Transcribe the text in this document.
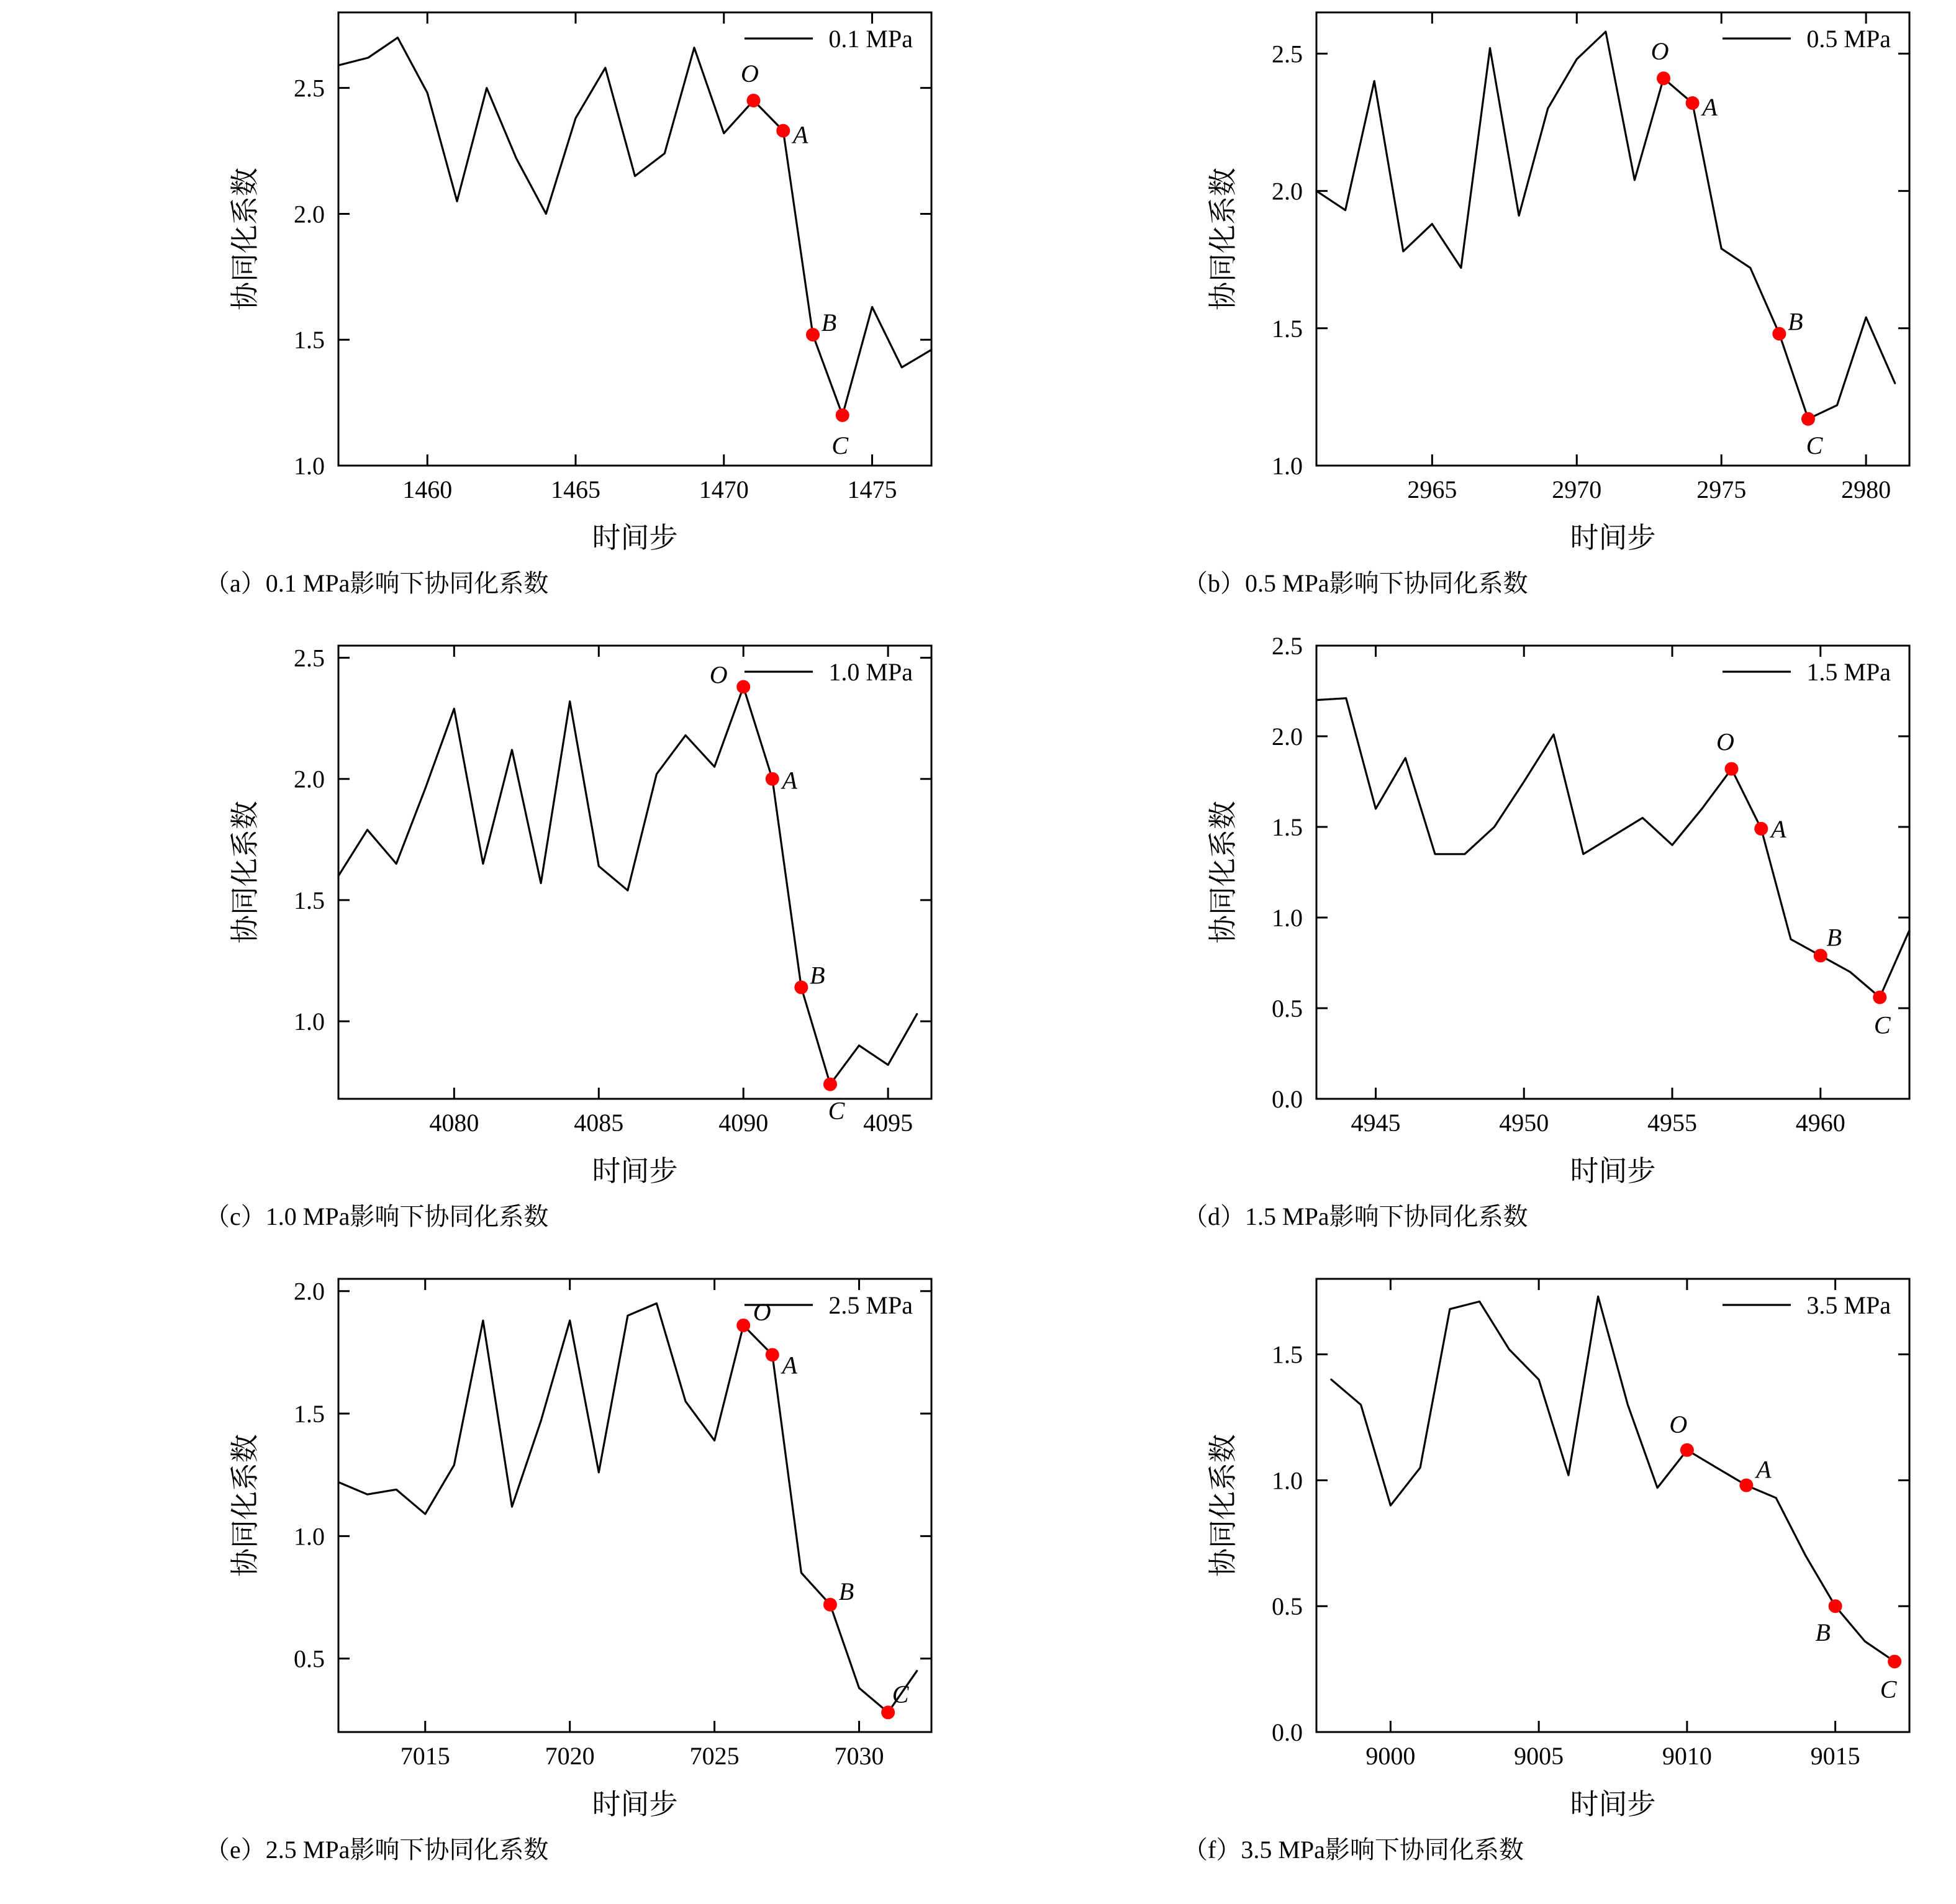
1460	1465	1470	1475
1.0
1.5
2.0
2.5
O
A
B
C
0.1 MPa
时间步
协同化系数
（a）0.1 MPa影响下协同化系数
2965	2970	2975	2980
1.0
1.5
2.0
2.5	O
A
B
C
0.5 MPa
时间步
协同化系数
（b）0.5 MPa影响下协同化系数
4080	4085	4090	4095
1.0
1.5
2.0
2.5
O
A
B
C
1.0 MPa
时间步
协同化系数
（c）1.0 MPa影响下协同化系数
4945	4950	4955	4960
0.0
0.5
1.0
1.5
2.0
2.5
O
A
B
C
1.5 MPa
时间步
协同化系数
（d）1.5 MPa影响下协同化系数
7015	7020	7025	7030
0.5
1.0
1.5
2.0
O
A
B
C
2.5 MPa
时间步
协同化系数
（e）2.5 MPa影响下协同化系数
9000	9005	9010	9015
0.0
0.5
1.0
1.5
O
A
B
C
3.5 MPa
时间步
协同化系数
（f）3.5 MPa影响下协同化系数
